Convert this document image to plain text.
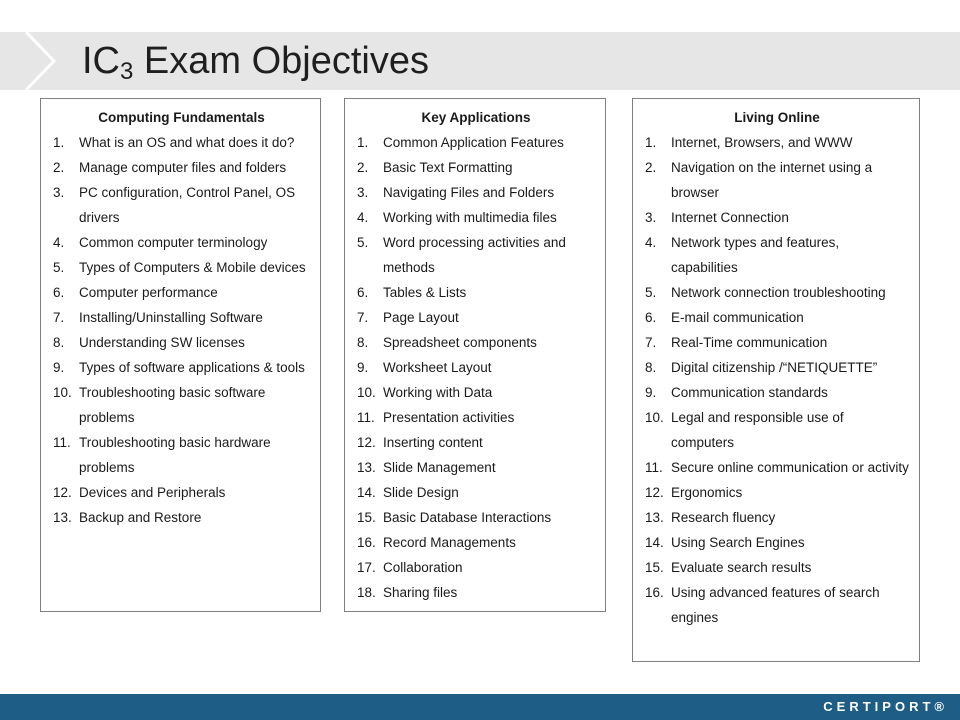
$IC_3$ Exam Objectives
Computing Fundamentals
1.	What is an OS and what does it do?
2.	Manage computer files and folders
3.	PC configuration, Control Panel, OS drivers
4.	Common computer terminology
5.	Types of Computers & Mobile devices
6.	Computer performance
7.	Installing/Uninstalling Software
8.	Understanding SW licenses
9.	Types of software applications & tools
10. Troubleshooting basic software problems
11. Troubleshooting basic hardware problems
12. Devices and Peripherals
13. Backup and Restore
Key Applications
1.	Common Application Features
2.	Basic Text Formatting
3.	Navigating Files and Folders
4.	Working with multimedia files
5.	Word processing activities and methods
6.	Tables & Lists
7.	Page Layout
8.	Spreadsheet components
9.	Worksheet Layout
10. Working with Data
11. Presentation activities
12. Inserting content
13. Slide Management
14. Slide Design
15. Basic Database Interactions
16. Record Managements
17. Collaboration
18. Sharing files
Living Online
1.	Internet, Browsers, and WWW
2.	Navigation on the internet using a browser
3.	Internet Connection
4.	Network types and features, capabilities
5.	Network connection troubleshooting
6.	E-mail communication
7.	Real-Time communication
8.	Digital citizenship /“NETIQUETTE”
9.	Communication standards
10. Legal and responsible use of computers
11. Secure online communication or activity
12. Ergonomics
13. Research fluency
14. Using Search Engines
15. Evaluate search results
16. Using advanced features of search engines
CERTIPORT®
